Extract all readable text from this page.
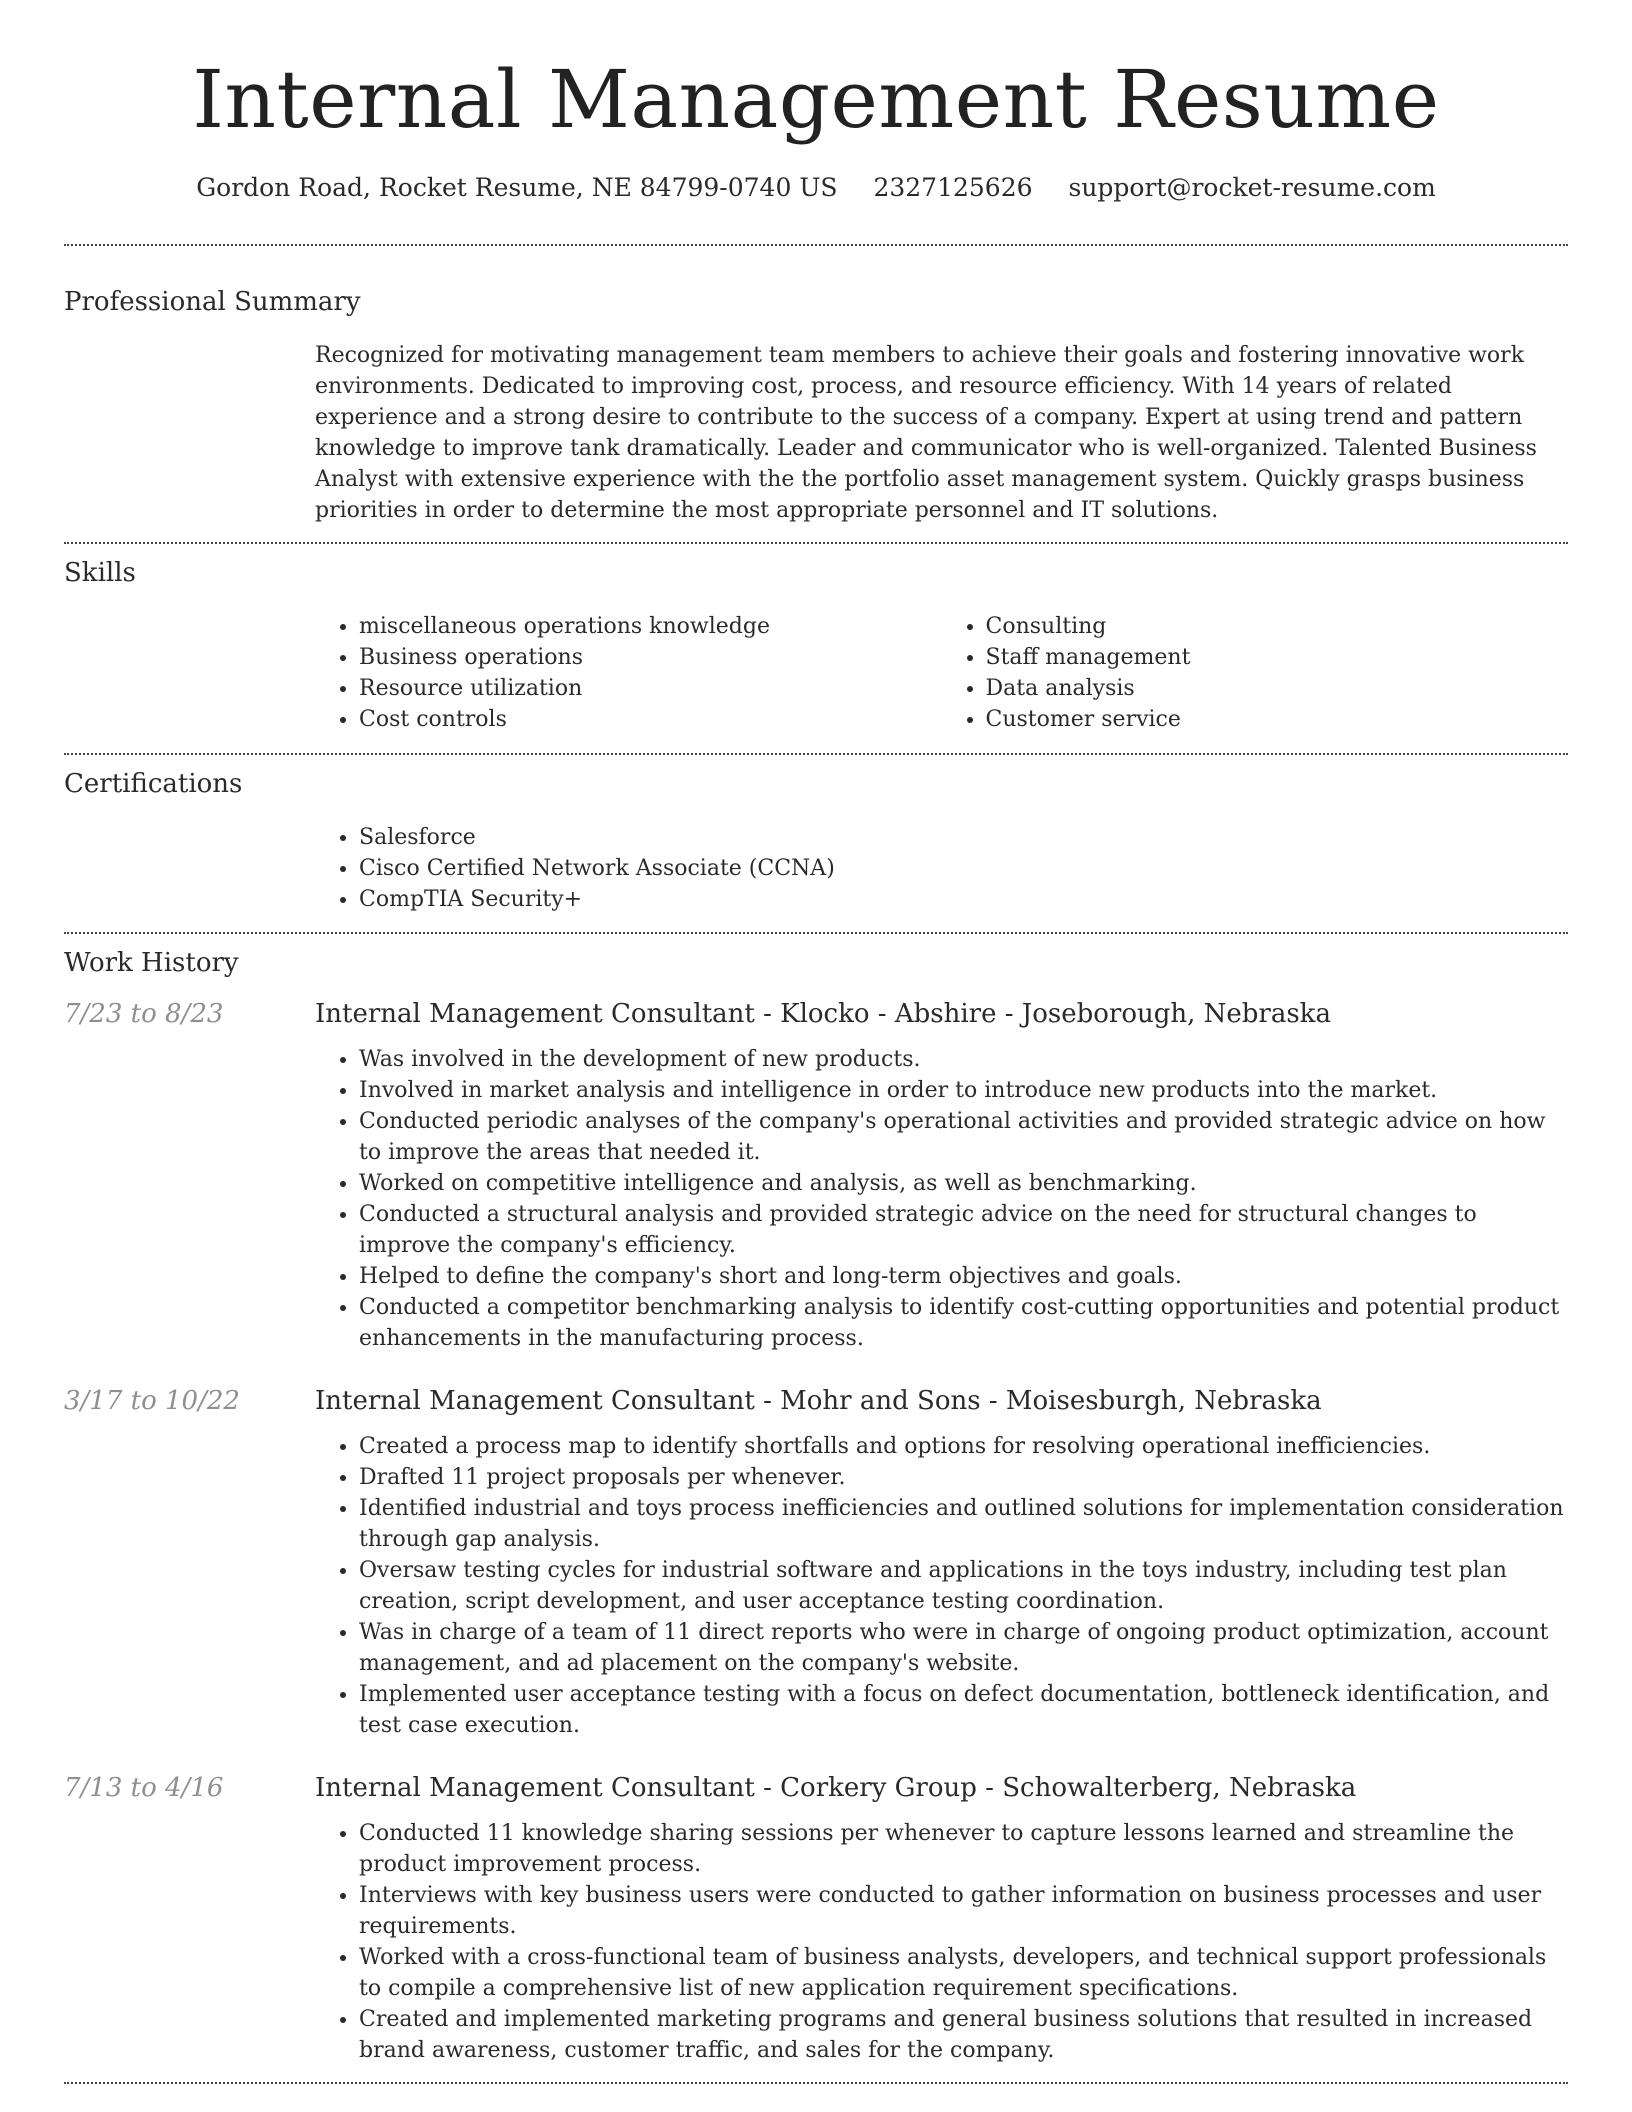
Internal Management Resume
Gordon Road, Rocket Resume, NE 84799-0740 US 2327125626 support@rocket-resume.com
Professional Summary
Recognized for motivating management team members to achieve their goals and fostering innovative work environments. Dedicated to improving cost, process, and resource efficiency. With 14 years of related experience and a strong desire to contribute to the success of a company. Expert at using trend and pattern knowledge to improve tank dramatically. Leader and communicator who is well-organized. Talented Business Analyst with extensive experience with the the portfolio asset management system. Quickly grasps business priorities in order to determine the most appropriate personnel and IT solutions.
Skills
• miscellaneous operations knowledge
• Business operations
• Resource utilization
• Cost controls
• Consulting
• Staff management
• Data analysis
• Customer service
Certifications
• Salesforce
• Cisco Certified Network Associate (CCNA)
• CompTIA Security+
Work History
7/23 to 8/23	Internal Management Consultant - Klocko - Abshire - Joseborough, Nebraska
• Was involved in the development of new products.
• Involved in market analysis and intelligence in order to introduce new products into the market.
• Conducted periodic analyses of the company's operational activities and provided strategic advice on how to improve the areas that needed it.
• Worked on competitive intelligence and analysis, as well as benchmarking.
• Conducted a structural analysis and provided strategic advice on the need for structural changes to improve the company's efficiency.
• Helped to define the company's short and long-term objectives and goals.
• Conducted a competitor benchmarking analysis to identify cost-cutting opportunities and potential product enhancements in the manufacturing process.
3/17 to 10/22	Internal Management Consultant - Mohr and Sons - Moisesburgh, Nebraska
• Created a process map to identify shortfalls and options for resolving operational inefficiencies.
• Drafted 11 project proposals per whenever.
• Identified industrial and toys process inefficiencies and outlined solutions for implementation consideration through gap analysis.
• Oversaw testing cycles for industrial software and applications in the toys industry, including test plan creation, script development, and user acceptance testing coordination.
• Was in charge of a team of 11 direct reports who were in charge of ongoing product optimization, account management, and ad placement on the company's website.
• Implemented user acceptance testing with a focus on defect documentation, bottleneck identification, and test case execution.
7/13 to 4/16	Internal Management Consultant - Corkery Group - Schowalterberg, Nebraska
• Conducted 11 knowledge sharing sessions per whenever to capture lessons learned and streamline the product improvement process.
• Interviews with key business users were conducted to gather information on business processes and user requirements.
• Worked with a cross-functional team of business analysts, developers, and technical support professionals to compile a comprehensive list of new application requirement specifications.
• Created and implemented marketing programs and general business solutions that resulted in increased brand awareness, customer traffic, and sales for the company.
